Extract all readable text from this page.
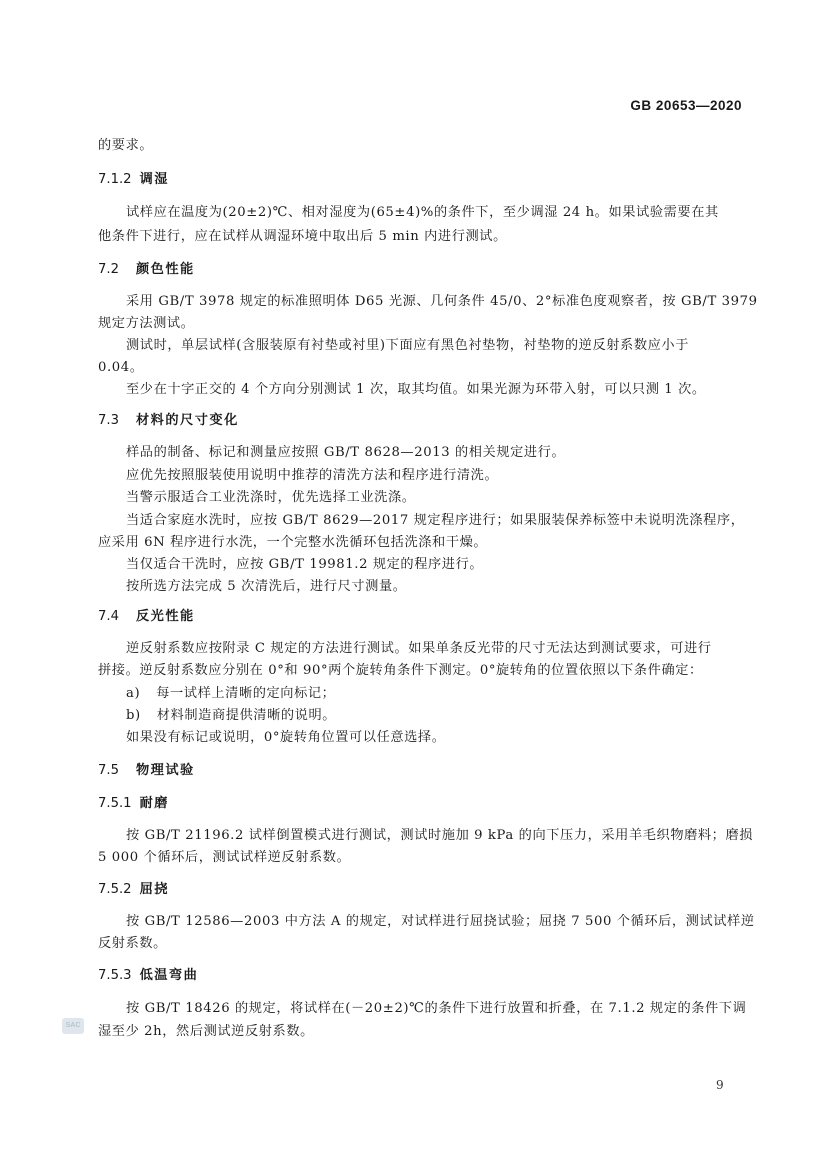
GB 20653—2020
的要求。
7.1.2 调湿
试样应在温度为(20±2)℃、相对湿度为(65±4)%的条件下，至少调湿 24 h。如果试验需要在其
他条件下进行，应在试样从调湿环境中取出后 5 min 内进行测试。
7.2 颜色性能
采用 GB/T 3978 规定的标准照明体 D65 光源、几何条件 45/0、2°标准色度观察者，按 GB/T 3979
规定方法测试。
测试时，单层试样(含服装原有衬垫或衬里)下面应有黑色衬垫物，衬垫物的逆反射系数应小于
0.04。
至少在十字正交的 4 个方向分别测试 1 次，取其均值。如果光源为环带入射，可以只测 1 次。
7.3 材料的尺寸变化
样品的制备、标记和测量应按照 GB/T 8628—2013 的相关规定进行。
应优先按照服装使用说明中推荐的清洗方法和程序进行清洗。
当警示服适合工业洗涤时，优先选择工业洗涤。
当适合家庭水洗时，应按 GB/T 8629—2017 规定程序进行；如果服装保养标签中未说明洗涤程序，
应采用 6N 程序进行水洗，一个完整水洗循环包括洗涤和干燥。
当仅适合干洗时，应按 GB/T 19981.2 规定的程序进行。
按所选方法完成 5 次清洗后，进行尺寸测量。
7.4 反光性能
逆反射系数应按附录 C 规定的方法进行测试。如果单条反光带的尺寸无法达到测试要求，可进行
拼接。逆反射系数应分别在 0°和 90°两个旋转角条件下测定。0°旋转角的位置依照以下条件确定：
a) 每一试样上清晰的定向标记；
b) 材料制造商提供清晰的说明。
如果没有标记或说明，0°旋转角位置可以任意选择。
7.5 物理试验
7.5.1 耐磨
按 GB/T 21196.2 试样倒置模式进行测试，测试时施加 9 kPa 的向下压力，采用羊毛织物磨料；磨损
5 000 个循环后，测试试样逆反射系数。
7.5.2 屈挠
按 GB/T 12586—2003 中方法 A 的规定，对试样进行屈挠试验；屈挠 7 500 个循环后，测试试样逆
反射系数。
7.5.3 低温弯曲
按 GB/T 18426 的规定，将试样在(－20±2)℃的条件下进行放置和折叠，在 7.1.2 规定的条件下调
湿至少 2h，然后测试逆反射系数。
SAC
9
